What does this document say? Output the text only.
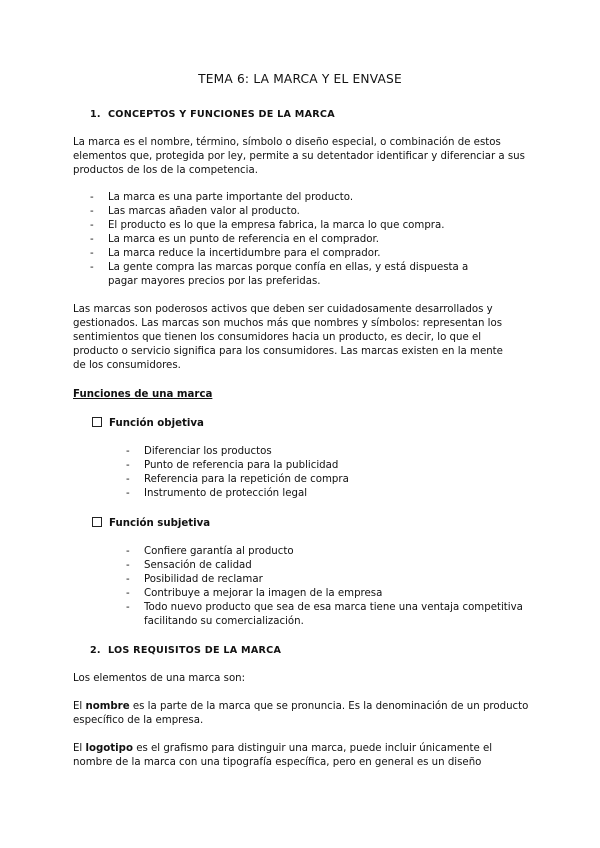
TEMA 6: LA MARCA Y EL ENVASE
1. CONCEPTOS Y FUNCIONES DE LA MARCA

La marca es el nombre, término, símbolo o diseño especial, o combinación de estos elementos que, protegida por ley, permite a su detentador identificar y diferenciar a sus productos de los de la competencia.

- La marca es una parte importante del producto.
- Las marcas añaden valor al producto.
- El producto es lo que la empresa fabrica, la marca lo que compra.
- La marca es un punto de referencia en el comprador.
- La marca reduce la incertidumbre para el comprador.
- La gente compra las marcas porque confía en ellas, y está dispuesta a pagar mayores precios por las preferidas.

Las marcas son poderosos activos que deben ser cuidadosamente desarrollados y gestionados. Las marcas son muchos más que nombres y símbolos: representan los sentimientos que tienen los consumidores hacia un producto, es decir, lo que el producto o servicio significa para los consumidores. Las marcas existen en la mente de los consumidores.

Funciones de una marca
Función objetiva
- Diferenciar los productos
- Punto de referencia para la publicidad
- Referencia para la repetición de compra
- Instrumento de protección legal
Función subjetiva
- Confiere garantía al producto
- Sensación de calidad
- Posibilidad de reclamar
- Contribuye a mejorar la imagen de la empresa
- Todo nuevo producto que sea de esa marca tiene una ventaja competitiva facilitando su comercialización.
2. LOS REQUISITOS DE LA MARCA

Los elementos de una marca son:

El nombre es la parte de la marca que se pronuncia. Es la denominación de un producto específico de la empresa.

El logotipo es el grafismo para distinguir una marca, puede incluir únicamente el nombre de la marca con una tipografía específica, pero en general es un diseño
